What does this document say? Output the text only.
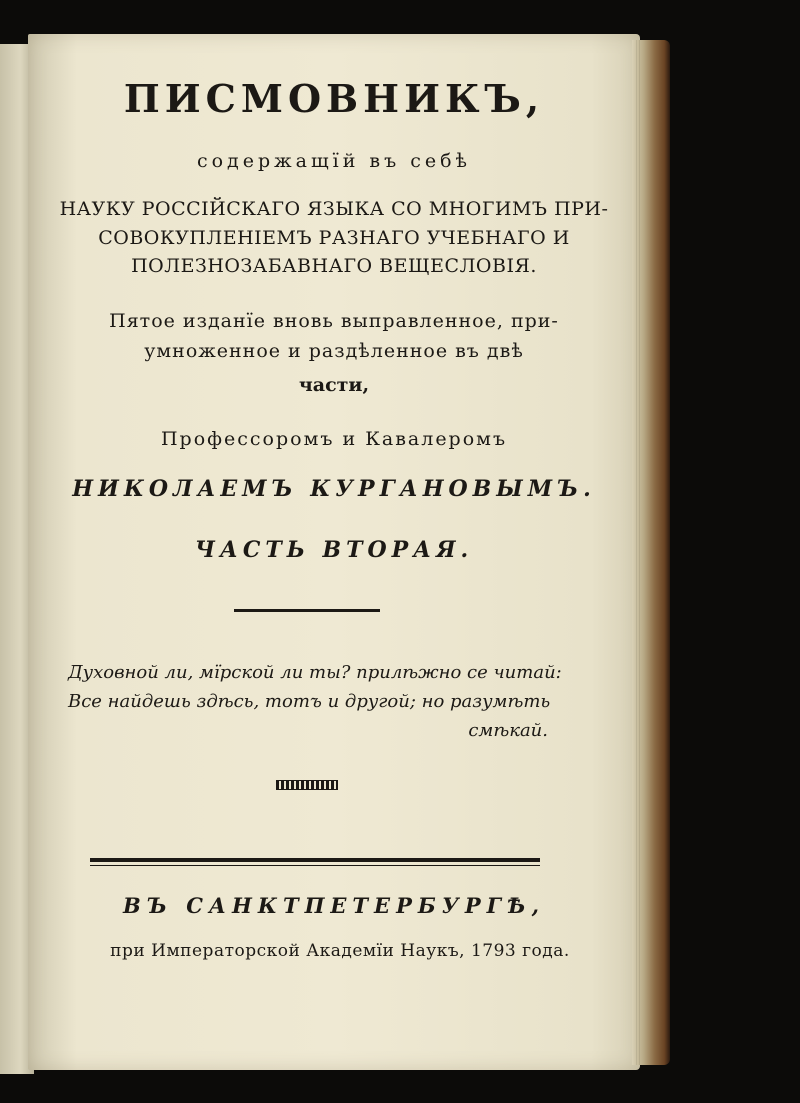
ПИСМОВНИКЪ,
содержащїй въ себѣ
НАУКУ РОССІЙСКАГО ЯЗЫКА СО МНОГИМЪ ПРИ-
СОВОКУПЛЕНІЕМЪ РАЗНАГО УЧЕБНАГО И
ПОЛЕЗНОЗАБАВНАГО ВЕЩЕСЛОВІЯ.
Пятое изданїе вновь выправленное, при-
умноженное и раздѣленное въ двѣ
части,
Профессоромъ и Кавалеромъ
НИКОЛАЕМЪ КУРГАНОВЫМЪ.
ЧАСТЬ ВТОРАЯ.
Духовной ли, мїрской ли ты? прилѣжно се читай:
Все найдешь здѣсь, тотъ и другой; но разумѣть
смѣкай.
ВЪ САНКТПЕТЕРБУРГѢ,
при Императорской Академїи Наукъ, 1793 года.
